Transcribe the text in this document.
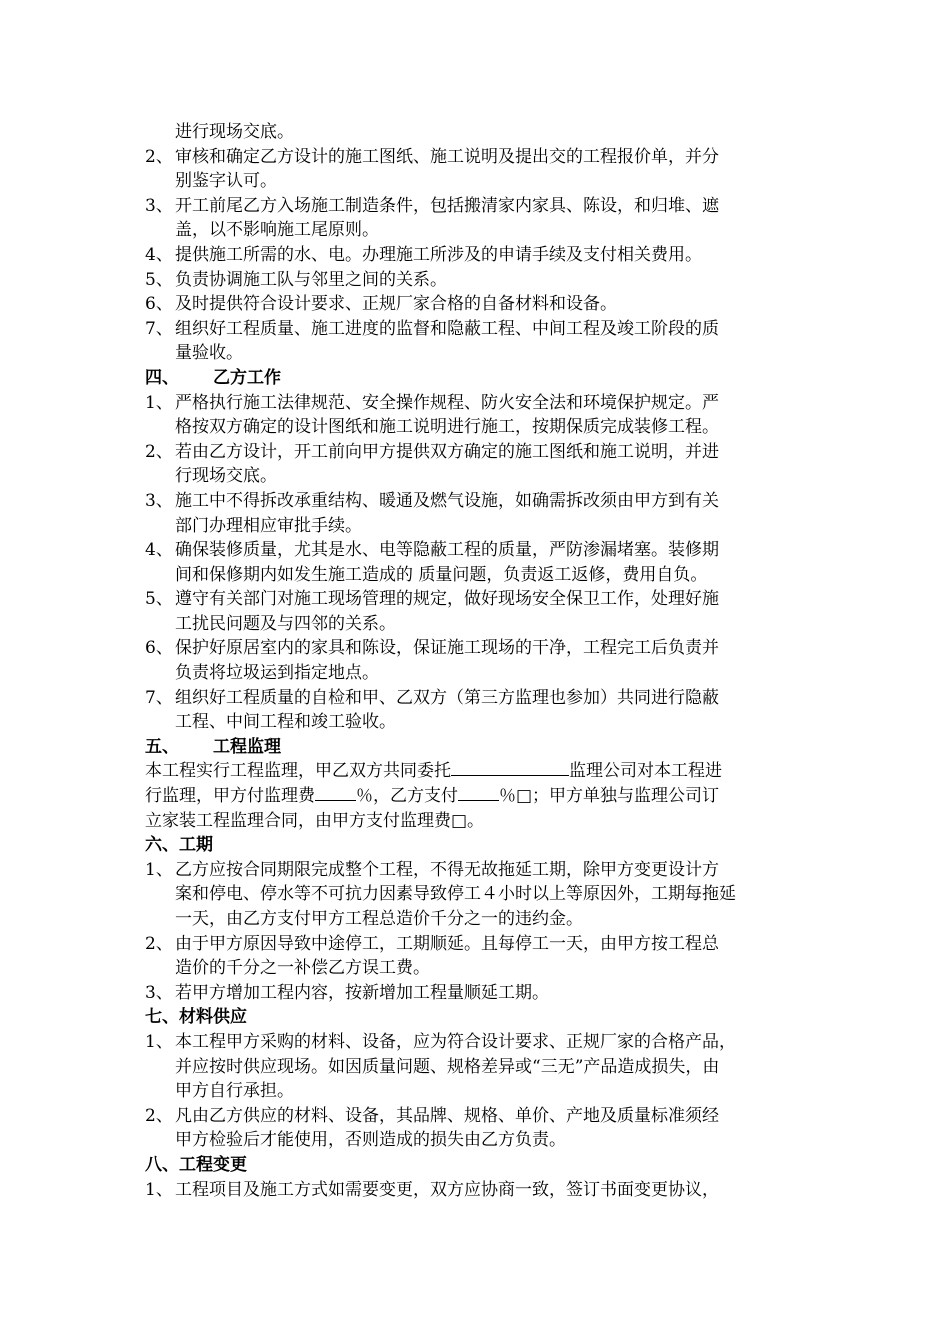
进行现场交底。
2、 审核和确定乙方设计的施工图纸、施工说明及提出交的工程报价单，并分
别鉴字认可。
3、 开工前尾乙方入场施工制造条件，包括搬清家内家具、陈设，和归堆、遮
盖，以不影响施工尾原则。
4、 提供施工所需的水、电。办理施工所涉及的申请手续及支付相关费用。
5、 负责协调施工队与邻里之间的关系。
6、 及时提供符合设计要求、正规厂家合格的自备材料和设备。
7、 组织好工程质量、施工进度的监督和隐蔽工程、中间工程及竣工阶段的质
量验收。
四、 乙方工作
1、 严格执行施工法律规范、安全操作规程、防火安全法和环境保护规定。严
格按双方确定的设计图纸和施工说明进行施工，按期保质完成装修工程。
2、 若由乙方设计，开工前向甲方提供双方确定的施工图纸和施工说明，并进
行现场交底。
3、 施工中不得拆改承重结构、暖通及燃气设施，如确需拆改须由甲方到有关
部门办理相应审批手续。
4、 确保装修质量，尤其是水、电等隐蔽工程的质量，严防渗漏堵塞。装修期
间和保修期内如发生施工造成的 质量问题，负责返工返修，费用自负。
5、 遵守有关部门对施工现场管理的规定，做好现场安全保卫工作，处理好施
工扰民问题及与四邻的关系。
6、 保护好原居室内的家具和陈设，保证施工现场的干净，工程完工后负责并
负责将垃圾运到指定地点。
7、 组织好工程质量的自检和甲、乙双方（第三方监理也参加）共同进行隐蔽
工程、中间工程和竣工验收。
五、 工程监理
本工程实行工程监理，甲乙双方共同委托	监理公司对本工程进
行监理，甲方付监理费 ％，乙方支付 ％□；甲方单独与监理公司订
立家装工程监理合同，由甲方支付监理费□。
六、工期
1、 乙方应按合同期限完成整个工程，不得无故拖延工期，除甲方变更设计方
案和停电、停水等不可抗力因素导致停工４小时以上等原因外，工期每拖延
一天，由乙方支付甲方工程总造价千分之一的违约金。
2、 由于甲方原因导致中途停工，工期顺延。且每停工一天，由甲方按工程总
造价的千分之一补偿乙方误工费。
3、 若甲方增加工程内容，按新增加工程量顺延工期。
七、材料供应
1、 本工程甲方采购的材料、设备，应为符合设计要求、正规厂家的合格产品，
并应按时供应现场。如因质量问题、规格差异或“三无”产品造成损失，由
甲方自行承担。
2、 凡由乙方供应的材料、设备，其品牌、规格、单价、产地及质量标准须经
甲方检验后才能使用，否则造成的损失由乙方负责。
八、工程变更
1、 工程项目及施工方式如需要变更，双方应协商一致，签订书面变更协议，
